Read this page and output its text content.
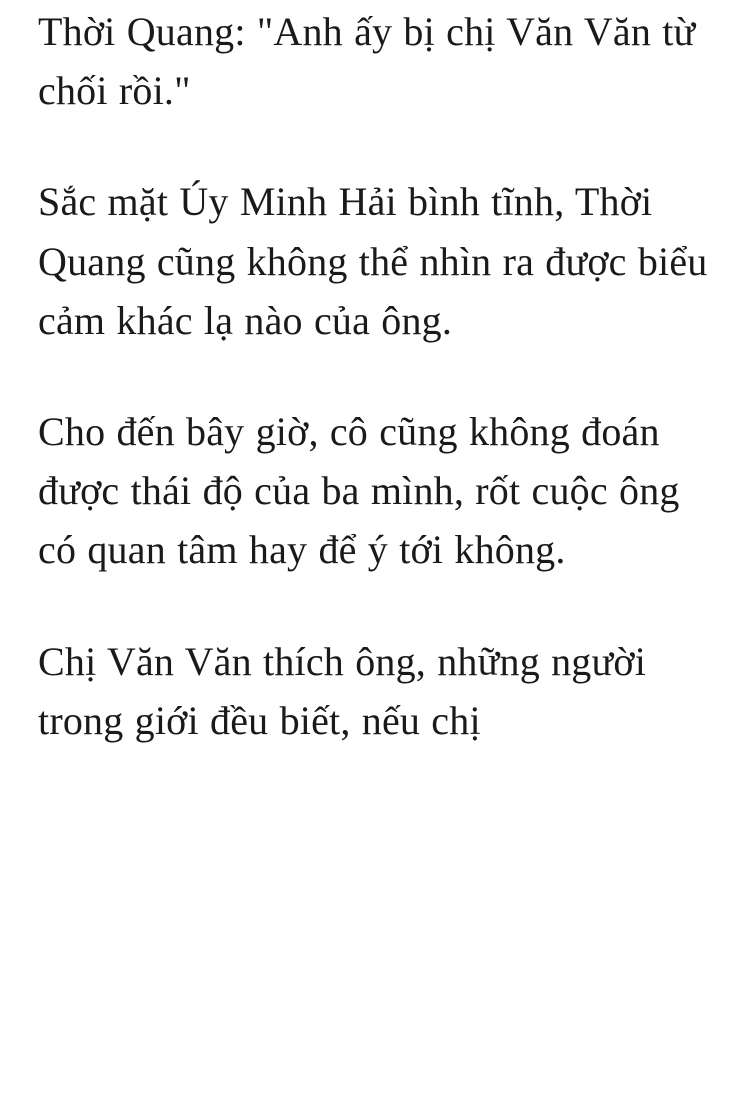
Thời Quang: "Anh ấy bị chị Văn Văn từ chối rồi."

Sắc mặt Úy Minh Hải bình tĩnh, Thời Quang cũng không thể nhìn ra được biểu cảm khác lạ nào của ông.

Cho đến bây giờ, cô cũng không đoán được thái độ của ba mình, rốt cuộc ông có quan tâm hay để ý tới không.

Chị Văn Văn thích ông, những người trong giới đều biết, nếu chị
